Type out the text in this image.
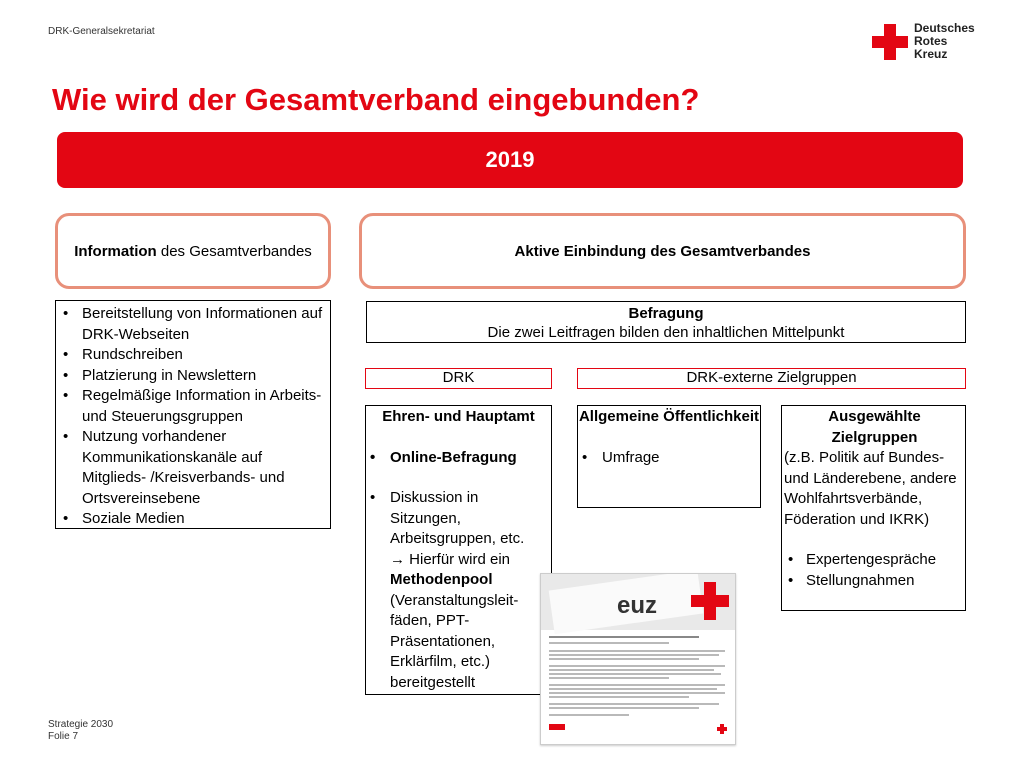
DRK-Generalsekretariat	Deutsches
Rotes
Kreuz
Wie wird der Gesamtverband eingebunden?
2019
Information des Gesamtverbandes	Aktive Einbindung des Gesamtverbandes
• Bereitstellung von Informationen auf DRK-Webseiten
• Rundschreiben
• Platzierung in Newslettern
• Regelmäßige Information in Arbeits- und Steuerungsgruppen
• Nutzung vorhandener Kommunikationskanäle auf Mitglieds- /Kreisverbands- und Ortsvereinsebene
• Soziale Medien
Befragung
Die zwei Leitfragen bilden den inhaltlichen Mittelpunkt
DRK	DRK-externe Zielgruppen
Ehren- und Hauptamt
• Online-Befragung
• Diskussion in Sitzungen, Arbeitsgruppen, etc.
→ Hierfür wird ein Methodenpool (Veranstaltungsleit-fäden, PPT-Präsentationen, Erklärfilm, etc.) bereitgestellt
Allgemeine Öffentlichkeit
• Umfrage
Ausgewählte Zielgruppen
(z.B. Politik auf Bundes- und Länderebene, andere Wohlfahrtsverbände, Föderation und IKRK)
• Expertengespräche
• Stellungnahmen
euz
Strategie 2030
Folie 7
